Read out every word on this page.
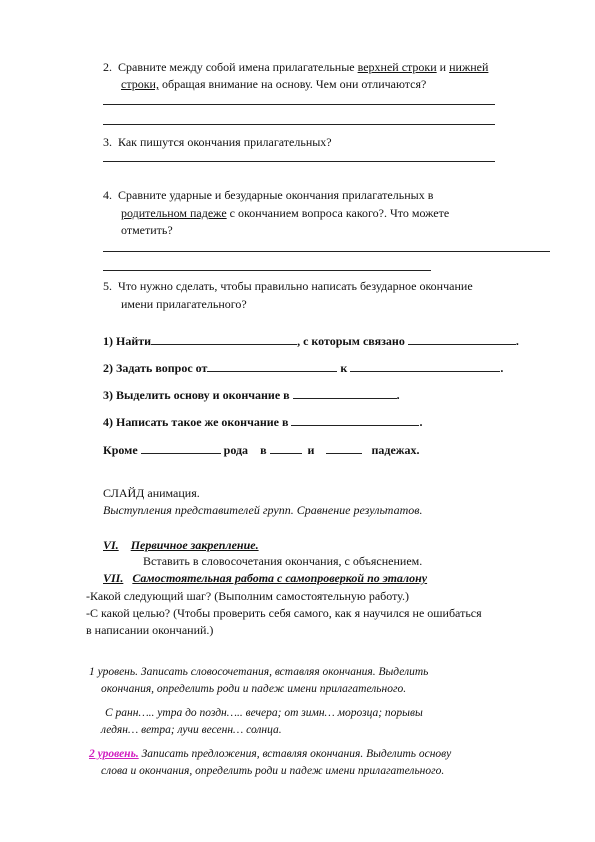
2. Сравните между собой имена прилагательные верхней строки и нижней
строки, обращая внимание на основу. Чем они отличаются?
3. Как пишутся окончания прилагательных?
4. Сравните ударные и безударные окончания прилагательных в
родительном падеже с окончанием вопроса какого?. Что можете
отметить?
5. Что нужно сделать, чтобы правильно написать безударное окончание
имени прилагательного?
1) Найти	, с которым связано	.
2) Задать вопрос от	к	.
3) Выделить основу и окончание в	.
4) Написать такое же окончание в	.
Кроме	рода в	и	падежах.
СЛАЙД анимация.
Выступления представителей групп. Сравнение результатов.
VI. Первичное закрепление.
Вставить в словосочетания окончания, с объяснением.
VII. Самостоятельная работа с самопроверкой по эталону
-Какой следующий шаг? (Выполним самостоятельную работу.)
-С какой целью? (Чтобы проверить себя самого, как я научился не ошибаться
в написании окончаний.)
1 уровень. Записать словосочетания, вставляя окончания. Выделить
окончания, определить роди и падеж имени прилагательного.
С ранн….. утра до поздн….. вечера; от зимн… морозца; порывы
ледян… ветра; лучи весенн… солнца.
2 уровень. Записать предложения, вставляя окончания. Выделить основу
слова и окончания, определить роди и падеж имени прилагательного.
